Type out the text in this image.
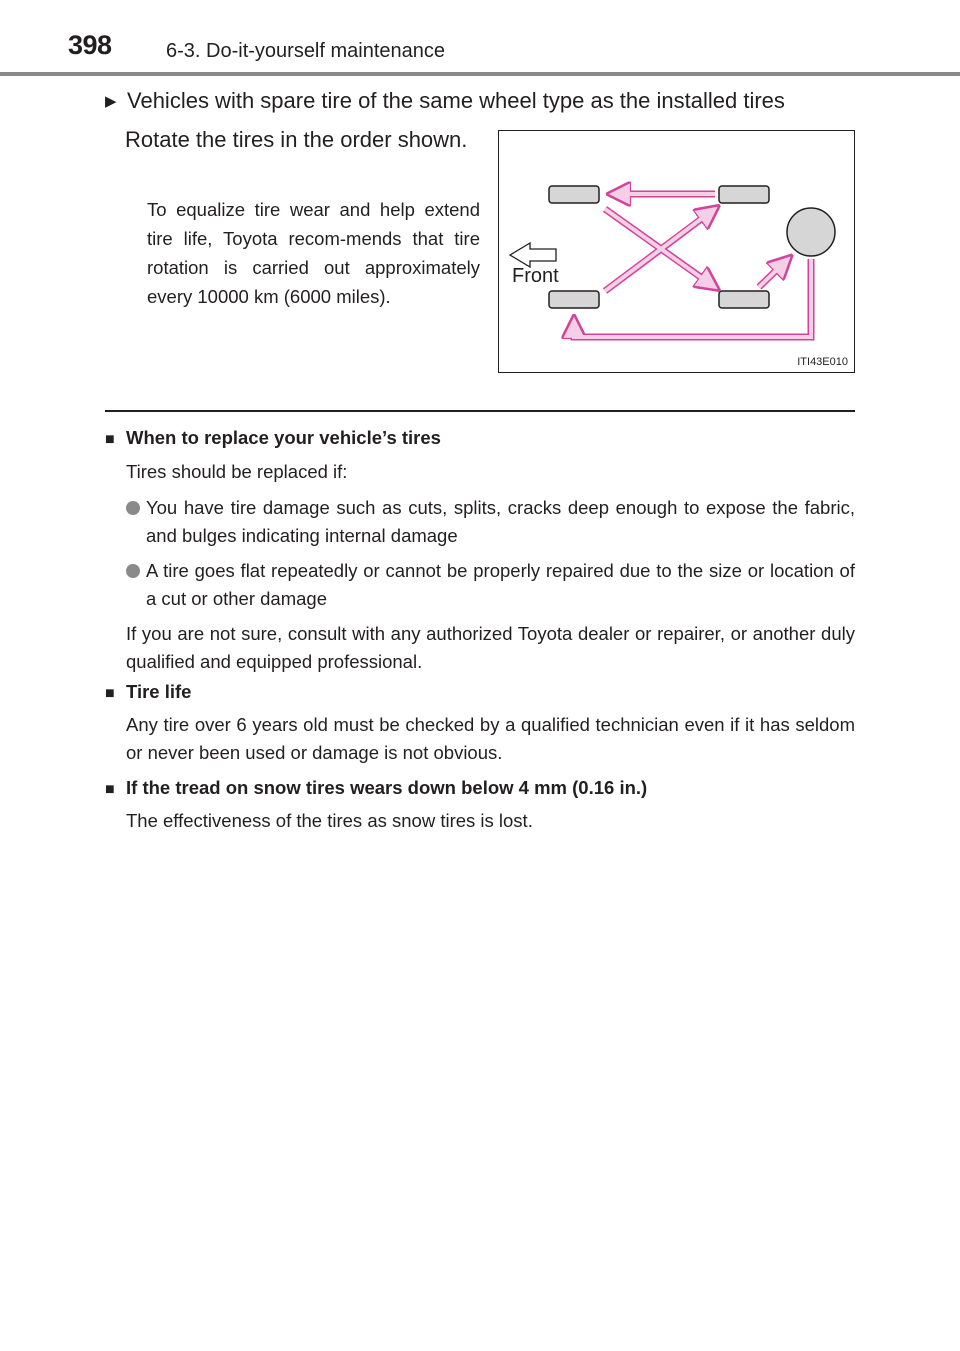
398	6-3. Do-it-yourself maintenance
▶ Vehicles with spare tire of the same wheel type as the installed tires
Rotate the tires in the order shown.
To equalize tire wear and help extend tire life, Toyota recom-mends that tire rotation is carried out approximately every 10000 km (6000 miles).
Front
ITI43E010
■ When to replace your vehicle’s tires
Tires should be replaced if:
You have tire damage such as cuts, splits, cracks deep enough to expose the fabric, and bulges indicating internal damage
A tire goes flat repeatedly or cannot be properly repaired due to the size or location of a cut or other damage
If you are not sure, consult with any authorized Toyota dealer or repairer, or another duly qualified and equipped professional.
■ Tire life
Any tire over 6 years old must be checked by a qualified technician even if it has seldom or never been used or damage is not obvious.
■ If the tread on snow tires wears down below 4 mm (0.16 in.)
The effectiveness of the tires as snow tires is lost.
